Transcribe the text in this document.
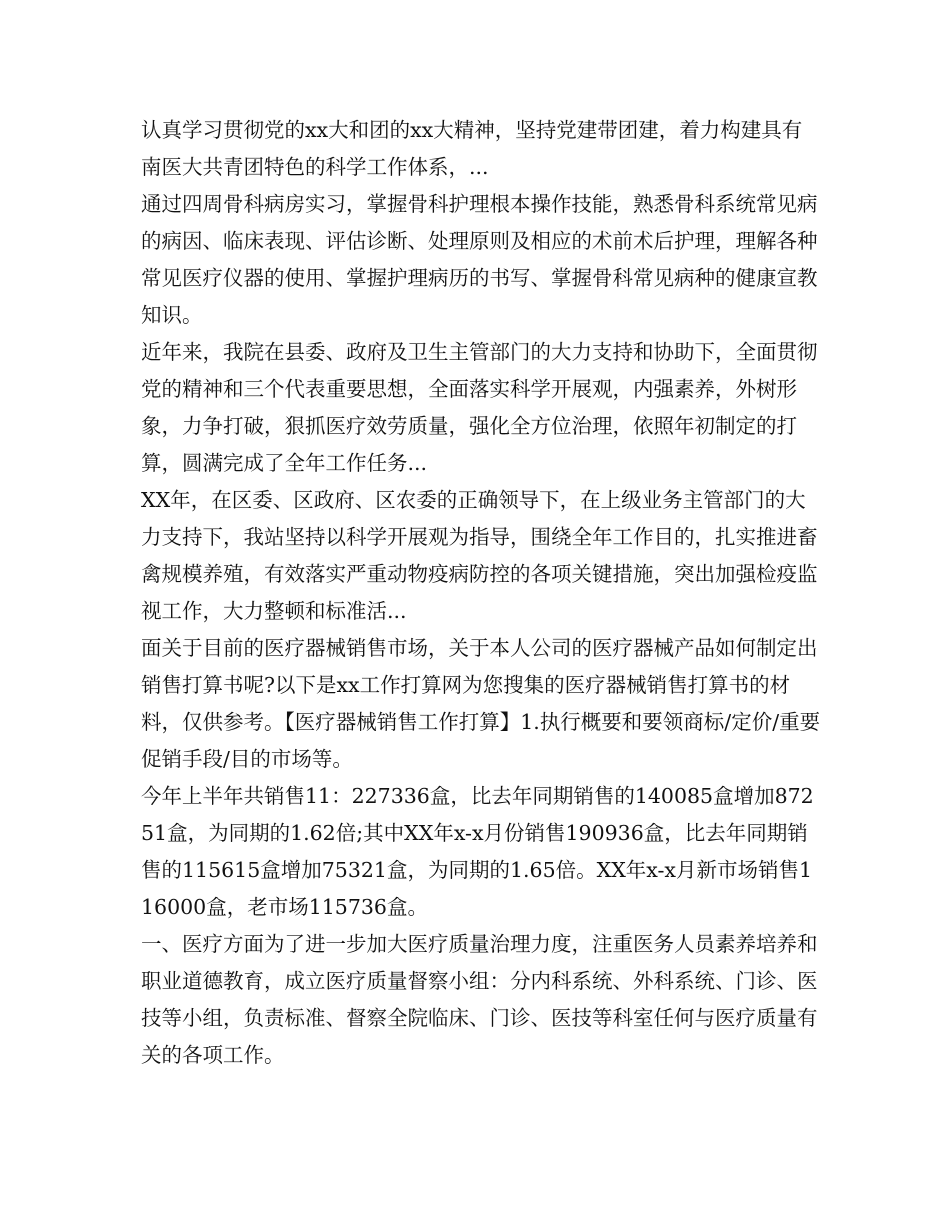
认真学习贯彻党的xx大和团的xx大精神，坚持党建带团建，着力构建具有南医大共青团特色的科学工作体系，...

通过四周骨科病房实习，掌握骨科护理根本操作技能，熟悉骨科系统常见病的病因、临床表现、评估诊断、处理原则及相应的术前术后护理，理解各种常见医疗仪器的使用、掌握护理病历的书写、掌握骨科常见病种的健康宣教知识。

近年来，我院在县委、政府及卫生主管部门的大力支持和协助下，全面贯彻党的精神和三个代表重要思想，全面落实科学开展观，内强素养，外树形象，力争打破，狠抓医疗效劳质量，强化全方位治理，依照年初制定的打算，圆满完成了全年工作任务...

XX年，在区委、区政府、区农委的正确领导下，在上级业务主管部门的大力支持下，我站坚持以科学开展观为指导，围绕全年工作目的，扎实推进畜禽规模养殖，有效落实严重动物疫病防控的各项关键措施，突出加强检疫监视工作，大力整顿和标准活...

面关于目前的医疗器械销售市场，关于本人公司的医疗器械产品如何制定出销售打算书呢?以下是xx工作打算网为您搜集的医疗器械销售打算书的材料，仅供参考。【医疗器械销售工作打算】1.执行概要和要领商标/定价/重要促销手段/目的市场等。

今年上半年共销售11：227336盒，比去年同期销售的140085盒增加87251盒，为同期的1.62倍;其中XX年x-x月份销售190936盒，比去年同期销售的115615盒增加75321盒，为同期的1.65倍。XX年x-x月新市场销售116000盒，老市场115736盒。

一、医疗方面为了进一步加大医疗质量治理力度，注重医务人员素养培养和职业道德教育，成立医疗质量督察小组：分内科系统、外科系统、门诊、医技等小组，负责标准、督察全院临床、门诊、医技等科室任何与医疗质量有关的各项工作。
